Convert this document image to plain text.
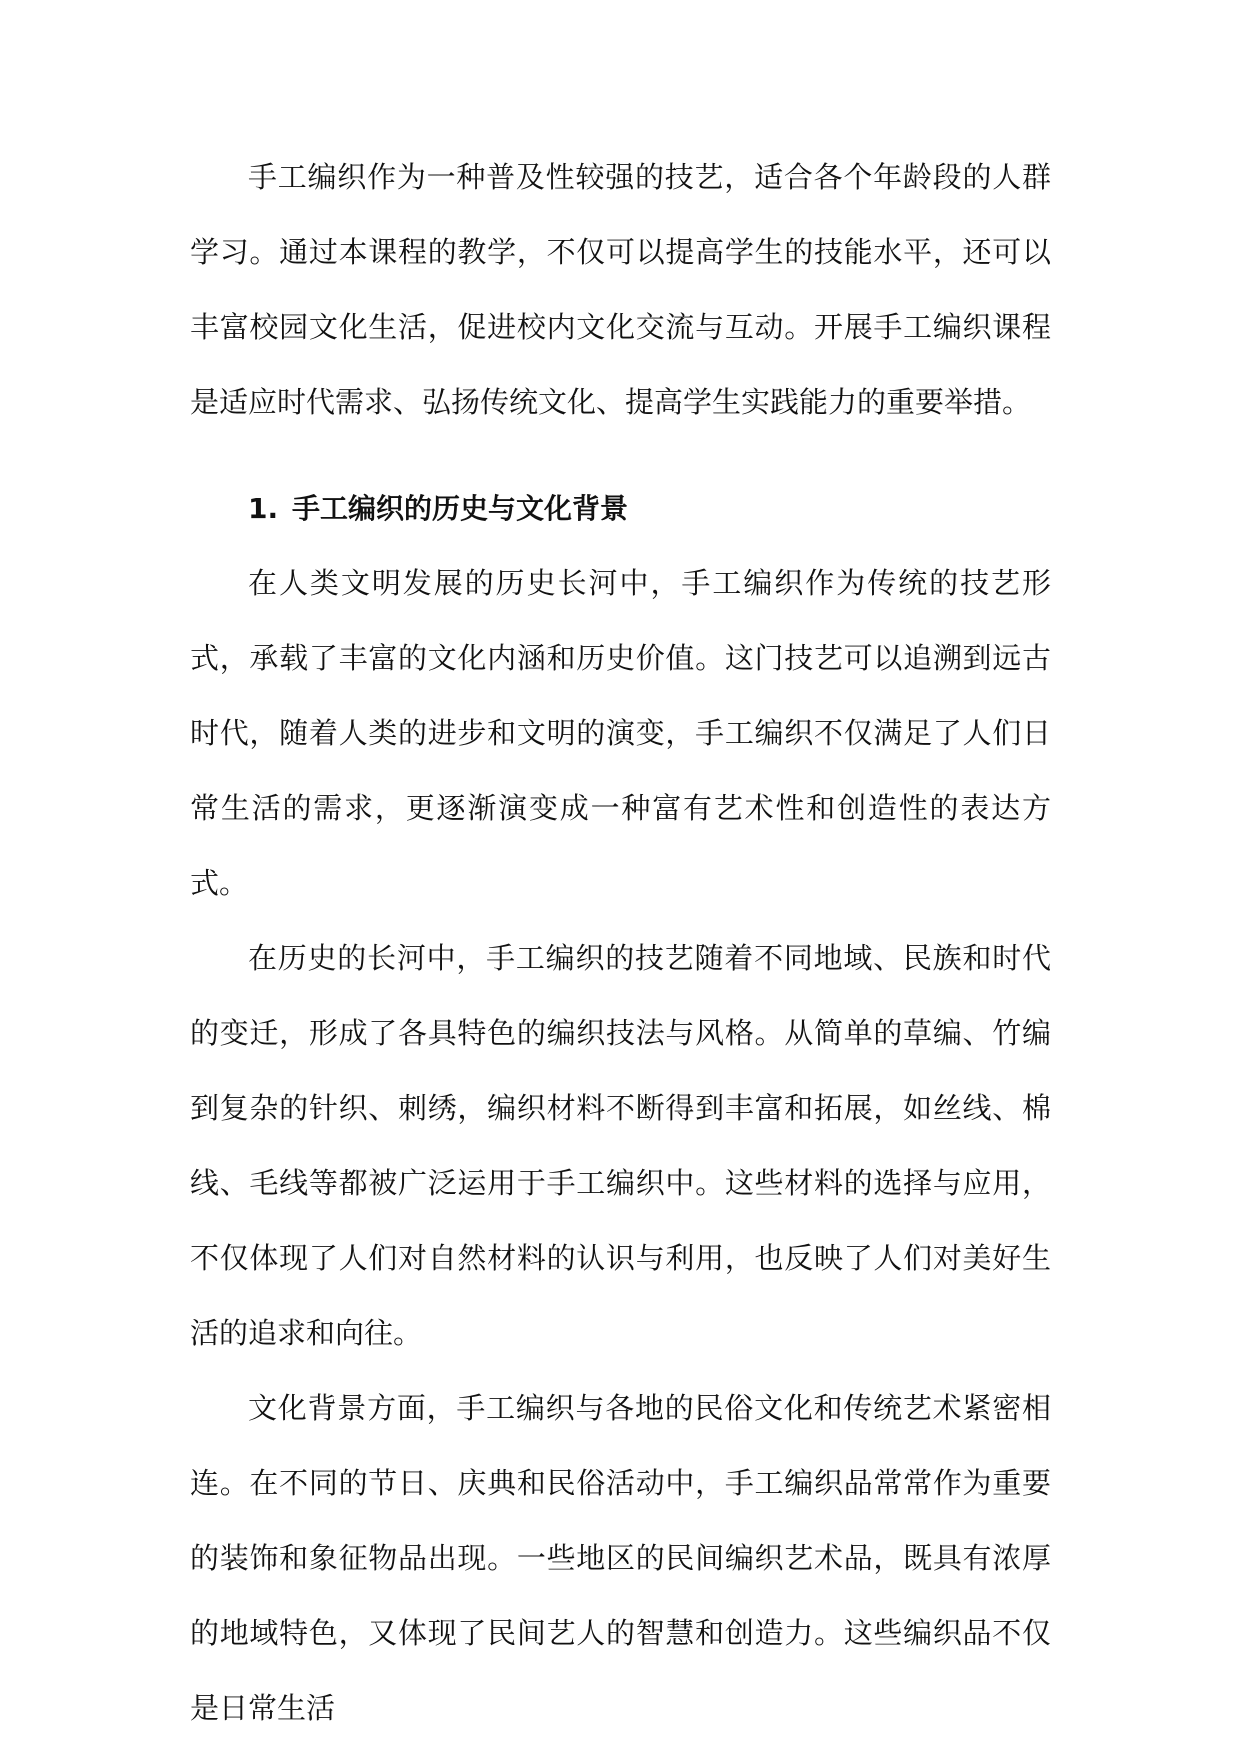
手工编织作为一种普及性较强的技艺，适合各个年龄段的人群学习。通过本课程的教学，不仅可以提高学生的技能水平，还可以丰富校园文化生活，促进校内文化交流与互动。开展手工编织课程是适应时代需求、弘扬传统文化、提高学生实践能力的重要举措。

1. 手工编织的历史与文化背景

在人类文明发展的历史长河中，手工编织作为传统的技艺形式，承载了丰富的文化内涵和历史价值。这门技艺可以追溯到远古时代，随着人类的进步和文明的演变，手工编织不仅满足了人们日常生活的需求，更逐渐演变成一种富有艺术性和创造性的表达方式。

在历史的长河中，手工编织的技艺随着不同地域、民族和时代的变迁，形成了各具特色的编织技法与风格。从简单的草编、竹编到复杂的针织、刺绣，编织材料不断得到丰富和拓展，如丝线、棉线、毛线等都被广泛运用于手工编织中。这些材料的选择与应用，不仅体现了人们对自然材料的认识与利用，也反映了人们对美好生活的追求和向往。

文化背景方面，手工编织与各地的民俗文化和传统艺术紧密相连。在不同的节日、庆典和民俗活动中，手工编织品常常作为重要的装饰和象征物品出现。一些地区的民间编织艺术品，既具有浓厚的地域特色，又体现了民间艺人的智慧和创造力。这些编织品不仅是日常生活
